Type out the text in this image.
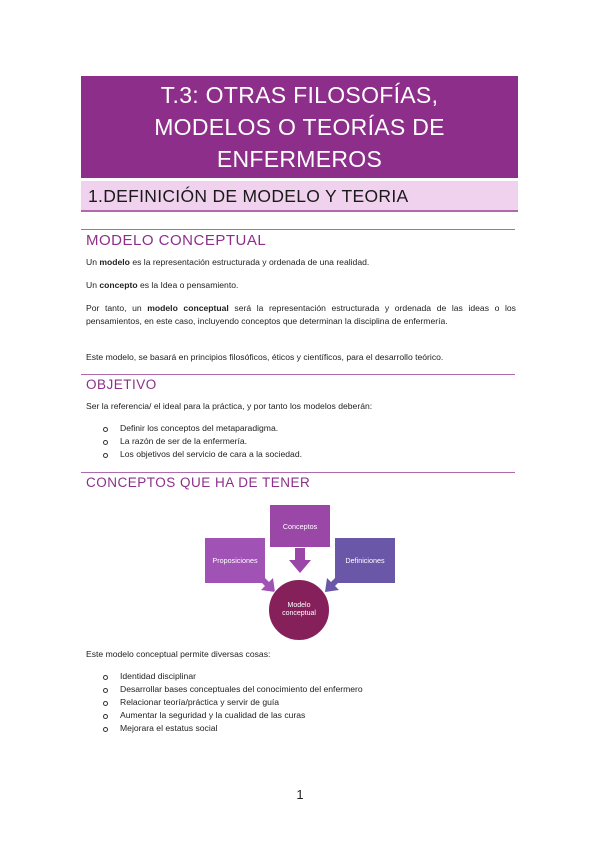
T.3: OTRAS FILOSOFÍAS,
MODELOS O TEORÍAS DE
ENFERMEROS
1.DEFINICIÓN DE MODELO Y TEORIA
MODELO CONCEPTUAL
Un modelo es la representación estructurada y ordenada de una realidad.
Un concepto es la Idea o pensamiento.
Por tanto, un modelo conceptual será la representación estructurada y ordenada de las ideas o los pensamientos, en este caso, incluyendo conceptos que determinan la disciplina de enfermería.
Este modelo, se basará en principios filosóficos, éticos y científicos, para el desarrollo teórico.
OBJETIVO
Ser la referencia/ el ideal para la práctica, y por tanto los modelos deberán:
Definir los conceptos del metaparadigma.
La razón de ser de la enfermería.
Los objetivos del servicio de cara a la sociedad.
CONCEPTOS QUE HA DE TENER
Conceptos
Proposiciones	Definiciones
Modelo conceptual
Este modelo conceptual permite diversas cosas:
Identidad disciplinar
Desarrollar bases conceptuales del conocimiento del enfermero
Relacionar teoría/práctica y servir de guía
Aumentar la seguridad y la cualidad de las curas
Mejorara el estatus social
1
